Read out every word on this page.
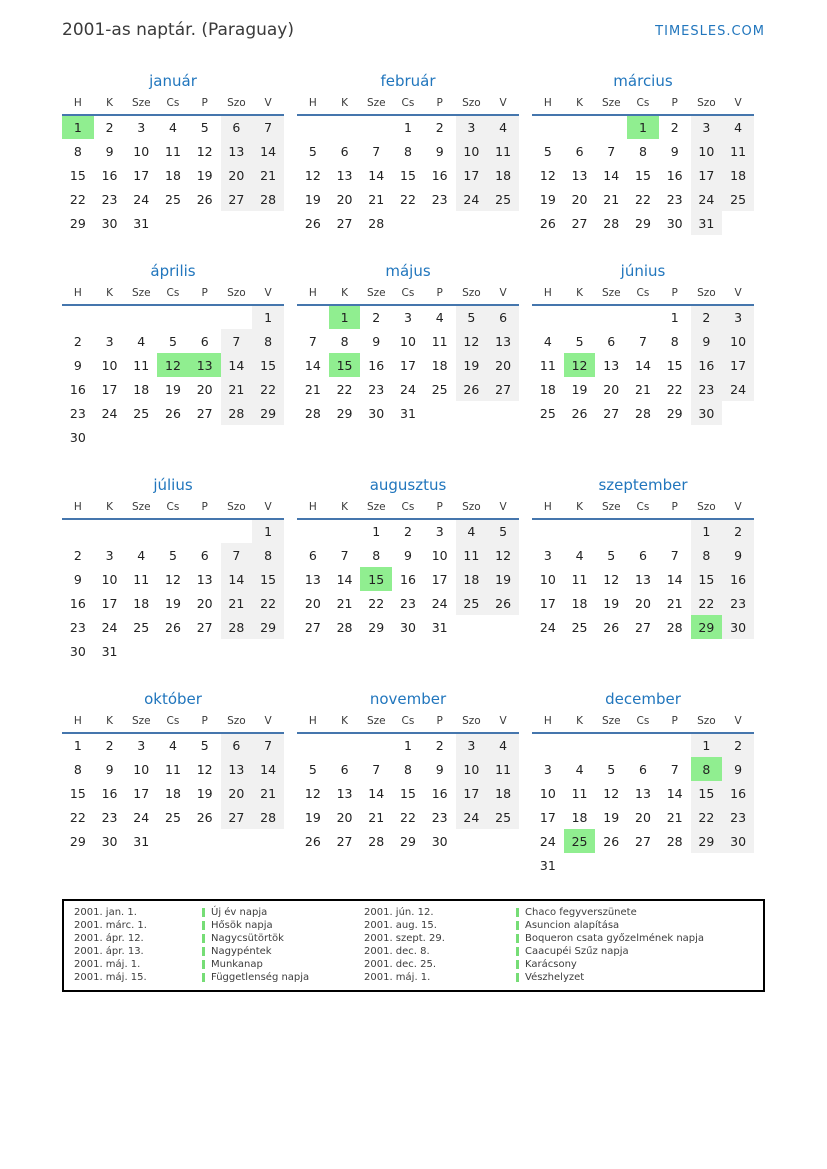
2001-as naptár. (Paraguay)	TIMESLES.COM
január
H	K	Sze	Cs	P	Szo	V
1	2	3	4	5	6	7
8	9	10	11	12	13	14
15	16	17	18	19	20	21
22	23	24	25	26	27	28
29	30	31				
február
H	K	Sze	Cs	P	Szo	V
			1	2	3	4
5	6	7	8	9	10	11
12	13	14	15	16	17	18
19	20	21	22	23	24	25
26	27	28				
március
H	K	Sze	Cs	P	Szo	V
			1	2	3	4
5	6	7	8	9	10	11
12	13	14	15	16	17	18
19	20	21	22	23	24	25
26	27	28	29	30	31	
április
H	K	Sze	Cs	P	Szo	V
						1
2	3	4	5	6	7	8
9	10	11	12	13	14	15
16	17	18	19	20	21	22
23	24	25	26	27	28	29
30						
május
H	K	Sze	Cs	P	Szo	V
	1	2	3	4	5	6
7	8	9	10	11	12	13
14	15	16	17	18	19	20
21	22	23	24	25	26	27
28	29	30	31			
június
H	K	Sze	Cs	P	Szo	V
				1	2	3
4	5	6	7	8	9	10
11	12	13	14	15	16	17
18	19	20	21	22	23	24
25	26	27	28	29	30	
július
H	K	Sze	Cs	P	Szo	V
						1
2	3	4	5	6	7	8
9	10	11	12	13	14	15
16	17	18	19	20	21	22
23	24	25	26	27	28	29
30	31					
augusztus
H	K	Sze	Cs	P	Szo	V
		1	2	3	4	5
6	7	8	9	10	11	12
13	14	15	16	17	18	19
20	21	22	23	24	25	26
27	28	29	30	31		
szeptember
H	K	Sze	Cs	P	Szo	V
					1	2
3	4	5	6	7	8	9
10	11	12	13	14	15	16
17	18	19	20	21	22	23
24	25	26	27	28	29	30
október
H	K	Sze	Cs	P	Szo	V
1	2	3	4	5	6	7
8	9	10	11	12	13	14
15	16	17	18	19	20	21
22	23	24	25	26	27	28
29	30	31				
november
H	K	Sze	Cs	P	Szo	V
			1	2	3	4
5	6	7	8	9	10	11
12	13	14	15	16	17	18
19	20	21	22	23	24	25
26	27	28	29	30		
december
H	K	Sze	Cs	P	Szo	V
					1	2
3	4	5	6	7	8	9
10	11	12	13	14	15	16
17	18	19	20	21	22	23
24	25	26	27	28	29	30
31						
2001. jan. 1.	Új év napja	2001. jún. 12.	Chaco fegyverszünete
2001. márc. 1.	Hősök napja	2001. aug. 15.	Asuncion alapítása
2001. ápr. 12.	Nagycsütörtök	2001. szept. 29.	Boqueron csata győzelmének napja
2001. ápr. 13.	Nagypéntek	2001. dec. 8.	Caacupéi Szűz napja
2001. máj. 1.	Munkanap	2001. dec. 25.	Karácsony
2001. máj. 15.	Függetlenség napja	2001. máj. 1.	Vészhelyzet
